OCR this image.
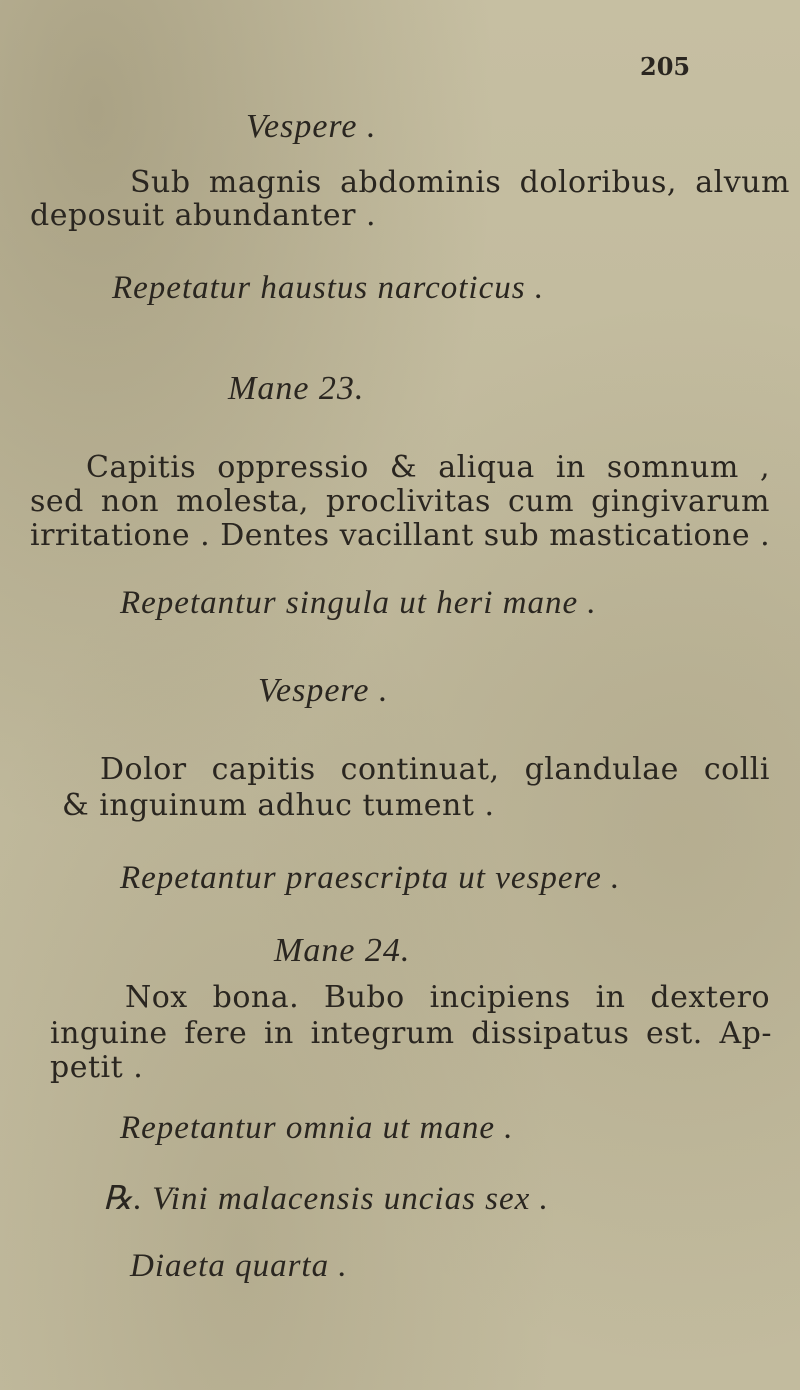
205
Vespere .
Sub magnis abdominis doloribus, alvum
deposuit abundanter .
Repetatur haustus narcoticus .
Mane 23.
Capitis oppressio & aliqua in somnum ,
sed non molesta, proclivitas cum gingivarum
irritatione . Dentes vacillant sub masticatione .
Repetantur singula ut heri mane .
Vespere .
Dolor capitis continuat, glandulae colli
& inguinum adhuc tument .
Repetantur praescripta ut vespere .
Mane 24.
Nox bona. Bubo incipiens in dextero
inguine fere in integrum dissipatus est. Ap-
petit .
Repetantur omnia ut mane .
℞. Vini malacensis uncias sex .
Diaeta quarta .
